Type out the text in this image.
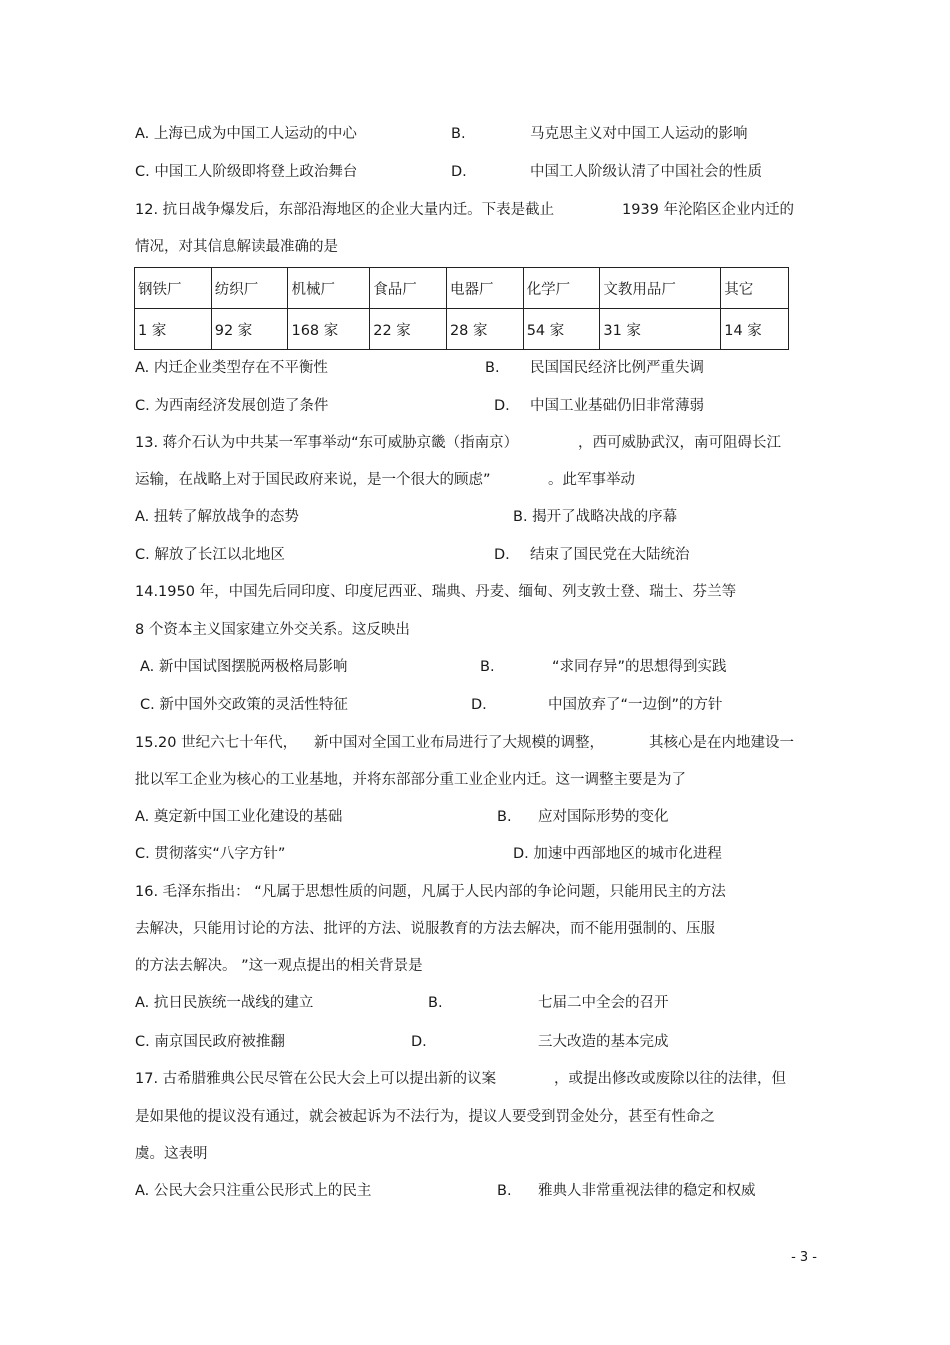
A. 上海已成为中国工人运动的中心	B.	马克思主义对中国工人运动的影响
C. 中国工人阶级即将登上政治舞台	D.	中国工人阶级认清了中国社会的性质
12. 抗日战争爆发后，东部沿海地区的企业大量内迁。下表是截止	1939 年沦陷区企业内迁的
情况，对其信息解读最准确的是
钢铁厂	纺织厂	机械厂	食品厂	电器厂	化学厂	文教用品厂	其它
1 家	92 家	168 家	22 家	28 家	54 家	31 家	14 家
A. 内迁企业类型存在不平衡性	B. 民国国民经济比例严重失调
C. 为西南经济发展创造了条件	D. 中国工业基础仍旧非常薄弱
13. 蒋介石认为中共某一军事举动“东可威胁京畿（指南京）	，西可威胁武汉，南可阻碍长江
运输，在战略上对于国民政府来说，是一个很大的顾虑”	。此军事举动
A. 扭转了解放战争的态势	B. 揭开了战略决战的序幕
C. 解放了长江以北地区	D. 结束了国民党在大陆统治
14.1950 年，中国先后同印度、印度尼西亚、瑞典、丹麦、缅甸、列支敦士登、瑞士、芬兰等
8 个资本主义国家建立外交关系。这反映出
A. 新中国试图摆脱两极格局影响	B.	“求同存异”的思想得到实践
C. 新中国外交政策的灵活性特征	D.	中国放弃了“一边倒”的方针
15.20 世纪六七十年代， 新中国对全国工业布局进行了大规模的调整，	其核心是在内地建设一
批以军工企业为核心的工业基地，并将东部部分重工业企业内迁。这一调整主要是为了
A. 奠定新中国工业化建设的基础	B. 应对国际形势的变化
C. 贯彻落实“八字方针”	D. 加速中西部地区的城市化进程
16. 毛泽东指出： “凡属于思想性质的问题，凡属于人民内部的争论问题，只能用民主的方法
去解决，只能用讨论的方法、批评的方法、说服教育的方法去解决，而不能用强制的、压服
的方法去解决。 ”这一观点提出的相关背景是
A. 抗日民族统一战线的建立	B.	七届二中全会的召开
C. 南京国民政府被推翻	D.	三大改造的基本完成
17. 古希腊雅典公民尽管在公民大会上可以提出新的议案	，或提出修改或废除以往的法律，但
是如果他的提议没有通过，就会被起诉为不法行为，提议人要受到罚金处分，甚至有性命之
虞。这表明
A. 公民大会只注重公民形式上的民主	B. 雅典人非常重视法律的稳定和权威
- 3 -
